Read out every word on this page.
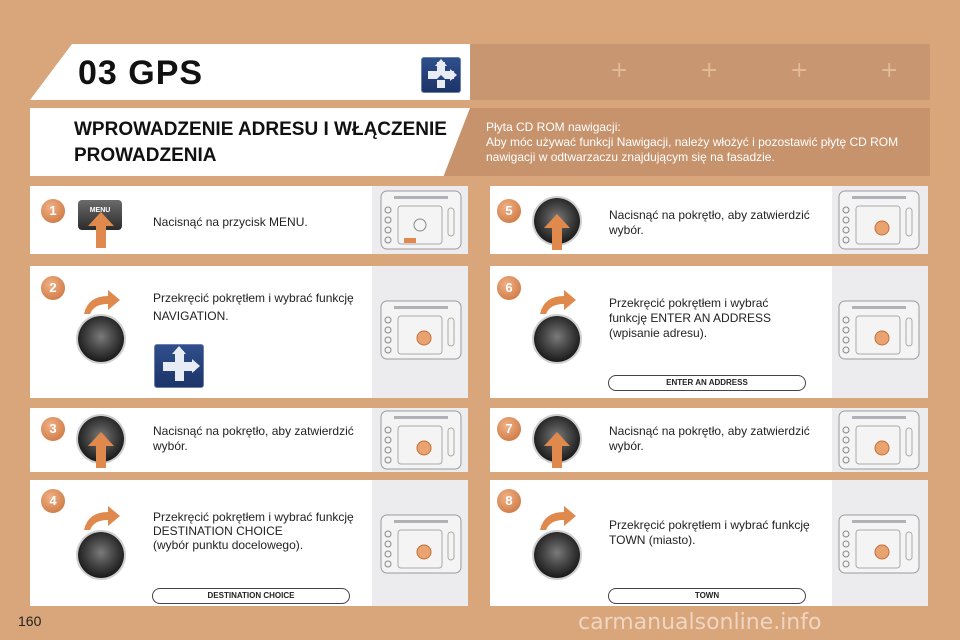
+	+	+	+
03 GPS
WPROWADZENIE ADRESU I WŁĄCZENIE PROWADZENIA
Płyta CD ROM nawigacji:
Aby móc używać funkcji Nawigacji, należy włożyć i pozostawić płytę CD ROM nawigacji w odtwarzaczu znajdującym się na fasadzie.
1
2
3
4
5
6
7
8
Nacisnąć na przycisk MENU.
Przekręcić pokrętłem i wybrać funkcję NAVIGATION.
Nacisnąć na pokrętło, aby zatwierdzić wybór.
Przekręcić pokrętłem i wybrać funkcję DESTINATION CHOICE
(wybór punktu docelowego).
Nacisnąć na pokrętło, aby zatwierdzić wybór.
Przekręcić pokrętłem i wybrać funkcję ENTER AN ADDRESS (wpisanie adresu).
Nacisnąć na pokrętło, aby zatwierdzić wybór.
Przekręcić pokrętłem i wybrać funkcję TOWN (miasto).
DESTINATION CHOICE
ENTER AN ADDRESS
TOWN
MENU
160	carmanualsonline.info
